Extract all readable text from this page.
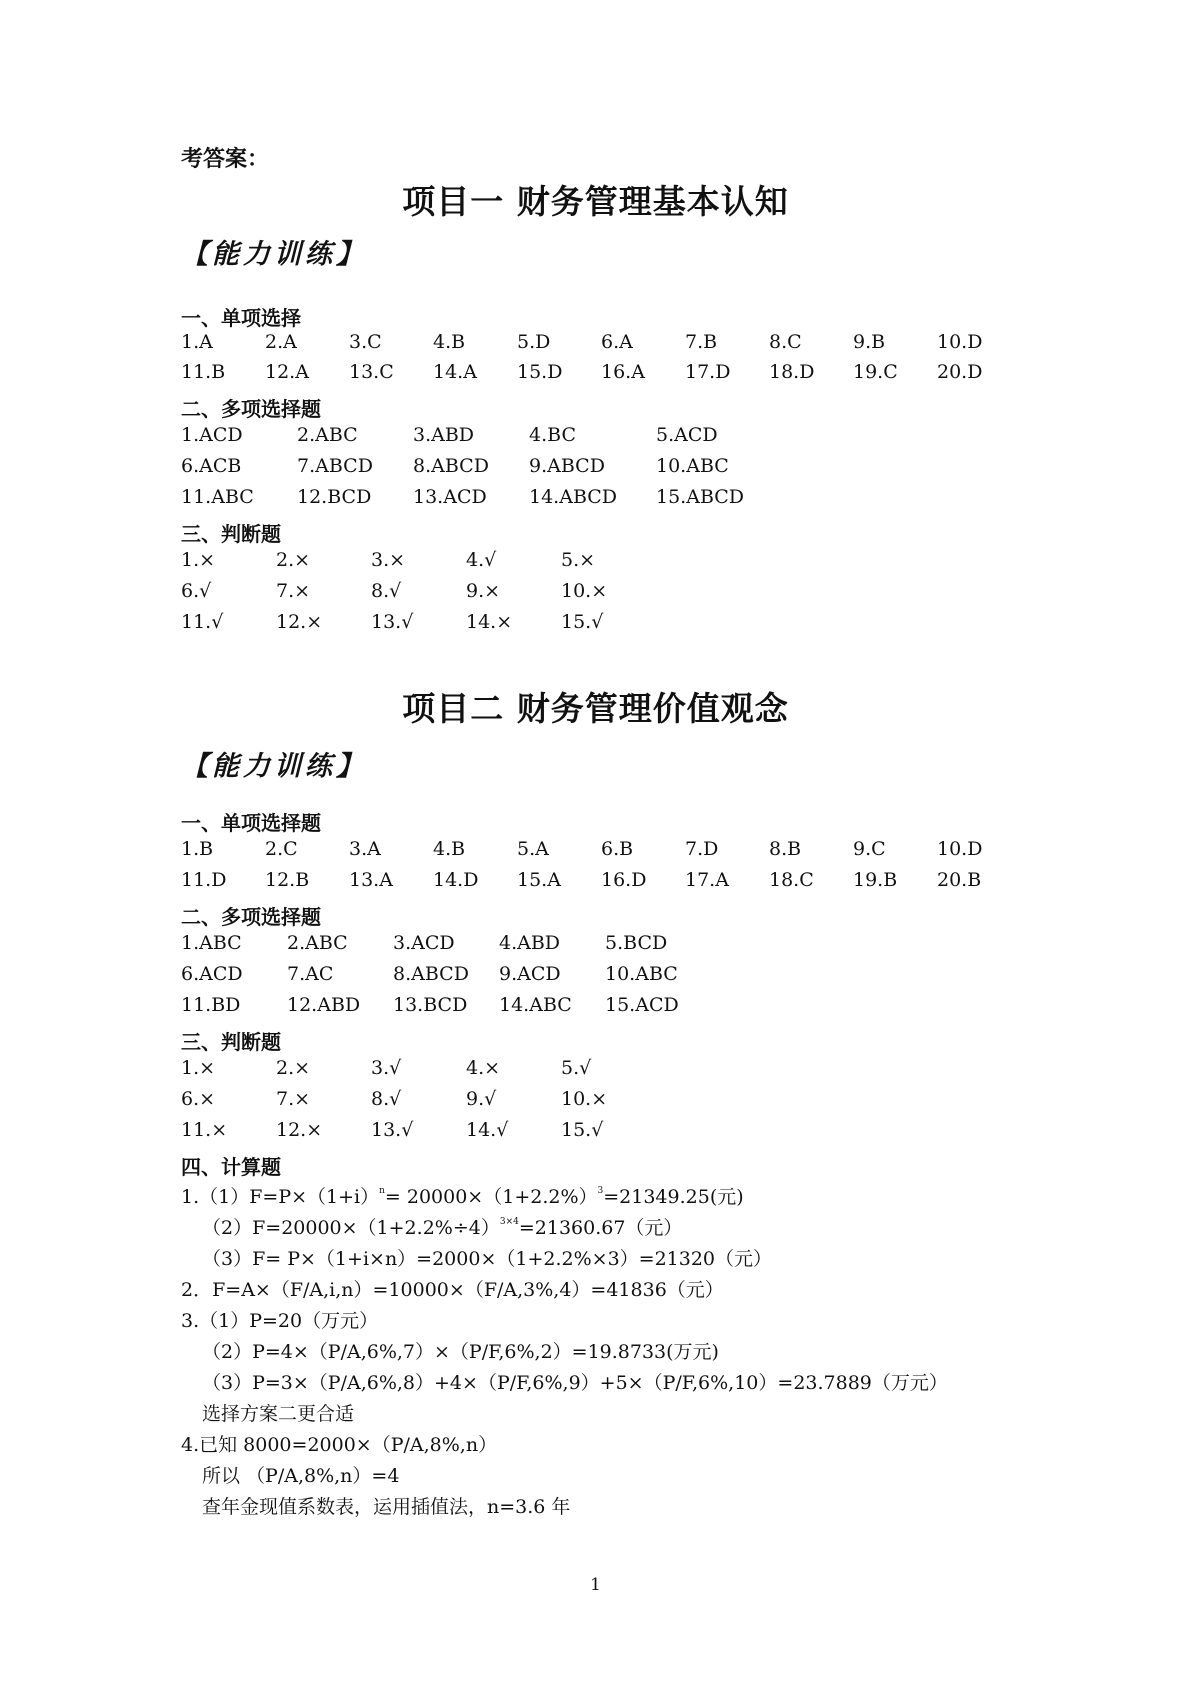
考答案：
项目一 财务管理基本认知
【能力训练】
一、单项选择
1.A	2.A	3.C	4.B	5.D	6.A	7.B	8.C	9.B	10.D
11.B 12.A 13.C 14.A 15.D 16.A 17.D 18.D 19.C 20.D
二、多项选择题
1.ACD	2.ABC	3.ABD	4.BC	5.ACD
6.ACB	7.ABCD 8.ABCD 9.ABCD	10.ABC
11.ABC 12.BCD 13.ACD 14.ABCD 15.ABCD
三、判断题
1.×	2.×	3.×	4.√	5.×
6.√	7.×	8.√	9.×	10.×
11.√	12.×	13.√	14.×	15.√
项目二 财务管理价值观念
【能力训练】
一、单项选择题
1.B	2.C	3.A	4.B	5.A	6.B	7.D	8.B	9.C	10.D
11.D 12.B 13.A 14.D 15.A 16.D 17.A 18.C 19.B 20.B
二、多项选择题
1.ABC 2.ABC 3.ACD 4.ABD 5.BCD
6.ACD 7.AC	8.ABCD 9.ACD 10.ABC
11.BD 12.ABD 13.BCD 14.ABC 15.ACD
三、判断题
1.×	2.×	3.√	4.×	5.√
6.×	7.×	8.√	9.√	10.×
11.×	12.×	13.√	14.√	15.√
四、计算题
$1.(1)F=P\times(1+i)^n= 20000\times(1+2.2\%)^3=21349.25$(元)
$(2)F=20000\times(1+2.2\%\div 4)^{3\times 4}=21360.67$（元）
（3）F= P×（1+i×n）=2000×（1+2.2%×3）=21320（元）
2．F=A×（F/A,i,n）=10000×（F/A,3%,4）=41836（元）
3.（1）P=20（万元）
（2）P=4×（P/A,6%,7）×（P/F,6%,2）=19.8733(万元)
（3）P=3×（P/A,6%,8）+4×（P/F,6%,9）+5×（P/F,6%,10）=23.7889（万元）
选择方案二更合适
4.已知 8000=2000×（P/A,8%,n）
所以 （P/A,8%,n）=4
查年金现值系数表，运用插值法，n=3.6 年
1
